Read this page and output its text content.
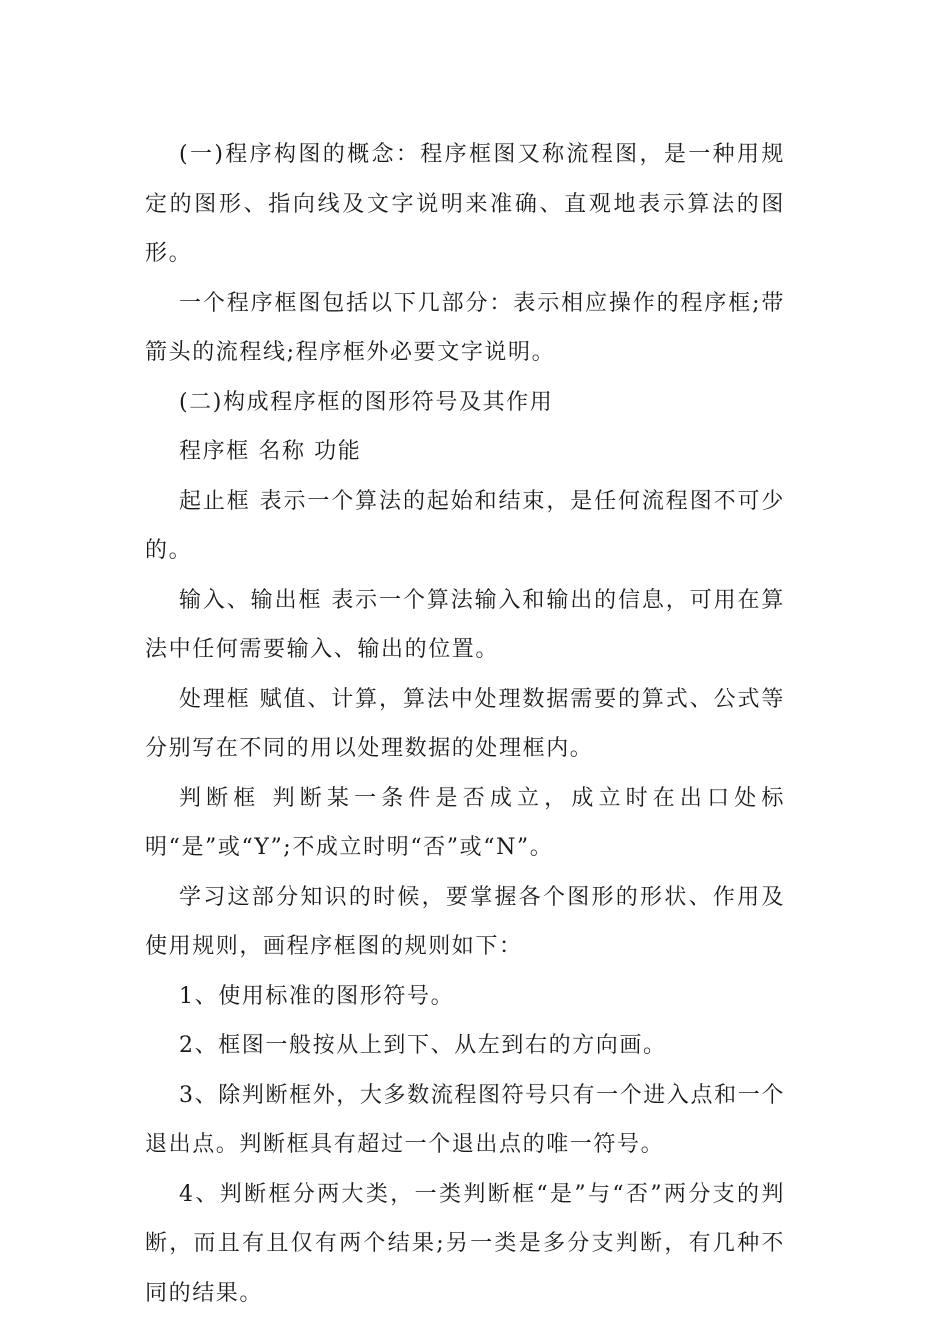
(一)程序构图的概念：程序框图又称流程图，是一种用规定的图形、指向线及文字说明来准确、直观地表示算法的图形。

一个程序框图包括以下几部分：表示相应操作的程序框;带箭头的流程线;程序框外必要文字说明。

(二)构成程序框的图形符号及其作用

程序框 名称 功能

起止框 表示一个算法的起始和结束，是任何流程图不可少的。

输入、输出框 表示一个算法输入和输出的信息，可用在算法中任何需要输入、输出的位置。

处理框 赋值、计算，算法中处理数据需要的算式、公式等分别写在不同的用以处理数据的处理框内。

判断框 判断某一条件是否成立，成立时在出口处标明“是”或“Y”;不成立时明“否”或“N”。

学习这部分知识的时候，要掌握各个图形的形状、作用及使用规则，画程序框图的规则如下：

1、使用标准的图形符号。

2、框图一般按从上到下、从左到右的方向画。

3、除判断框外，大多数流程图符号只有一个进入点和一个退出点。判断框具有超过一个退出点的唯一符号。

4、判断框分两大类，一类判断框“是”与“否”两分支的判断，而且有且仅有两个结果;另一类是多分支判断，有几种不同的结果。
